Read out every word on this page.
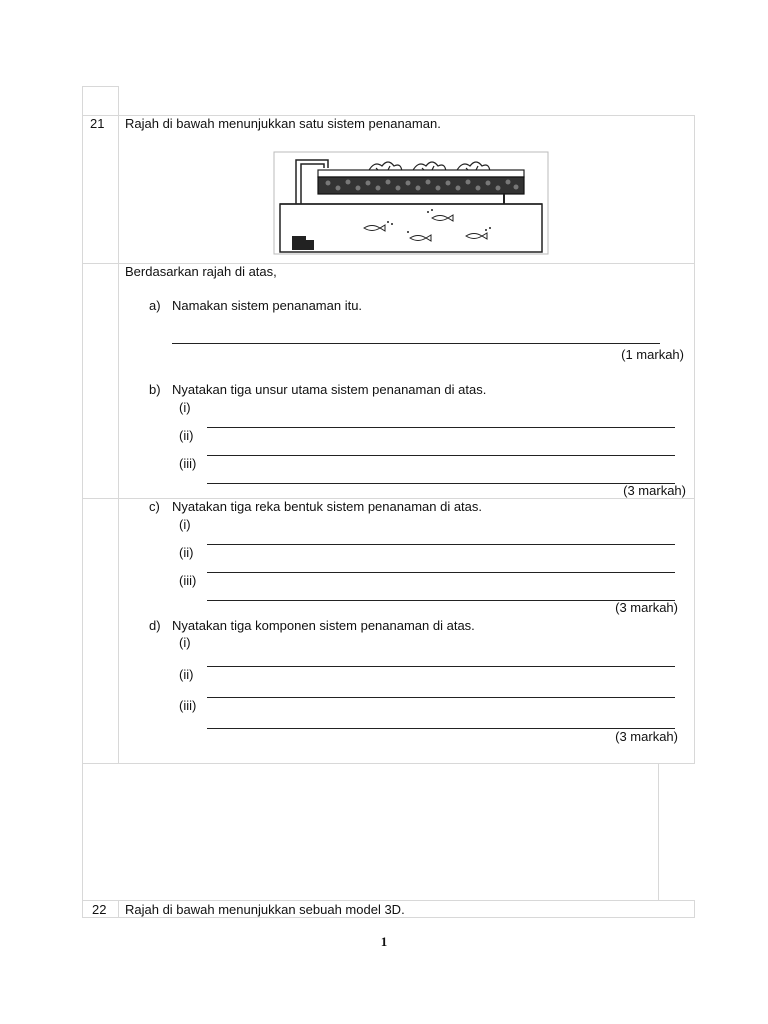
21 Rajah di bawah menunjukkan satu sistem penanaman.
Berdasarkan rajah di atas,
a) Namakan sistem penanaman itu.
(1 markah)
b) Nyatakan tiga unsur utama sistem penanaman di atas.
(i)
(ii)
(iii)
(3 markah)
c) Nyatakan tiga reka bentuk sistem penanaman di atas.
(i)
(ii)
(iii)
(3 markah)
d) Nyatakan tiga komponen sistem penanaman di atas.
(i)
(ii)
(iii)
(3 markah)
22 Rajah di bawah menunjukkan sebuah model 3D.
1
